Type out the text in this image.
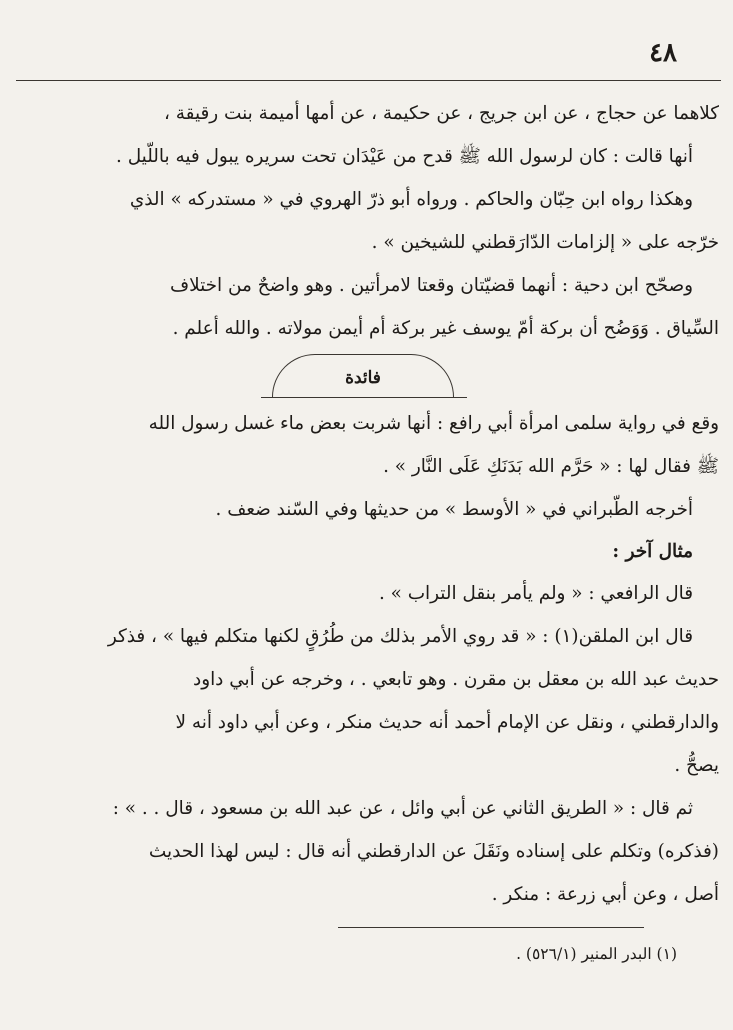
٤٨
كلاهما عن حجاج ، عن ابن جريج ، عن حكيمة ، عن أمها أميمة بنت رقيقة ،
أنها قالت : كان لرسول الله ﷺ قدح من عَيْدَان تحت سريره يبول فيه باللّيل .
وهكذا رواه ابن حِبّان والحاكم . ورواه أبو ذرّ الهروي في « مستدركه » الذي
خرّجه على « إلزامات الدّارَقطني للشيخين » .
وصحّح ابن دحية : أنهما قضيّتان وقعتا لامرأتين . وهو واضحٌ من اختلاف
السِّياق . وَوَضُح أن بركة أمّ يوسف غير بركة أم أيمن مولاته . والله أعلم .
فائدة
وقع في رواية سلمى امرأة أبي رافع : أنها شربت بعض ماء غسل رسول الله
ﷺ فقال لها : « حَرَّم الله بَدَنَكِ عَلَى النَّار » .
أخرجه الطّبراني في « الأوسط » من حديثها وفي السّند ضعف .
مثال آخر :
قال الرافعي : « ولم يأمر بنقل التراب » .
قال ابن الملقن(١) : « قد روي الأمر بذلك من طُرُقٍ لكنها متكلم فيها » ، فذكر
حديث عبد الله بن معقل بن مقرن . وهو تابعي . ، وخرجه عن أبي داود
والدارقطني ، ونقل عن الإمام أحمد أنه حديث منكر ، وعن أبي داود أنه لا
يصحُّ .
ثم قال : « الطريق الثاني عن أبي وائل ، عن عبد الله بن مسعود ، قال . . » :
(فذكره) وتكلم على إسناده ونَقَلَ عن الدارقطني أنه قال : ليس لهذا الحديث
أصل ، وعن أبي زرعة : منكر .
(١) البدر المنير (٥٢٦/١) .
